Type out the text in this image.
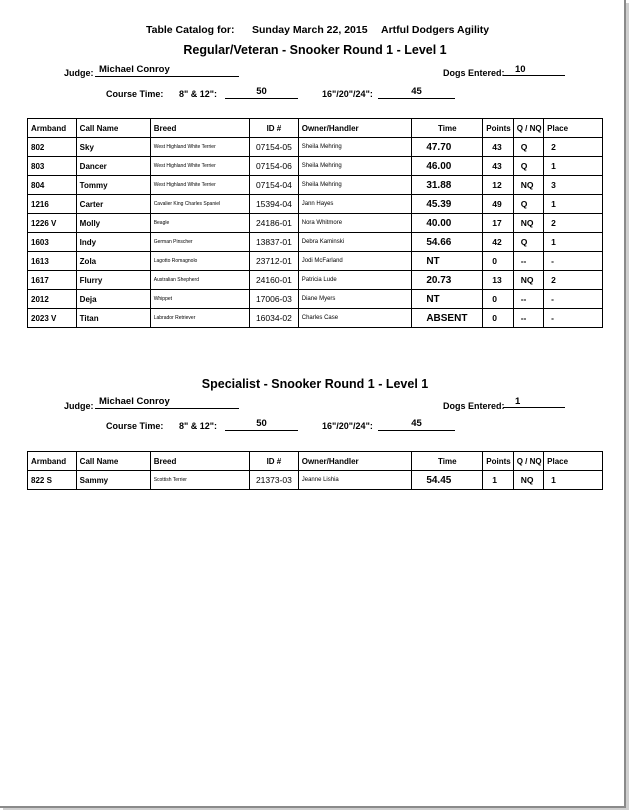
Table Catalog for: Sunday March 22, 2015 Artful Dodgers Agility
Regular/Veteran - Snooker Round 1 - Level 1
Judge: Michael Conroy	Dogs Entered:	10
Course Time: 8" & 12":	50	16"/20"/24":	45
Armband	Call Name	Breed	ID #	Owner/Handler	Time	Points	Q / NQ	Place
802	Sky	West Highland White Terrier	07154-05	Sheila Mehring	47.70	43	Q	2
803	Dancer	West Highland White Terrier	07154-06	Sheila Mehring	46.00	43	Q	1
804	Tommy	West Highland White Terrier	07154-04	Sheila Mehring	31.88	12	NQ	3
1216	Carter	Cavalier King Charles Spaniel	15394-04	Jann Hayes	45.39	49	Q	1
1226 V	Molly	Beagle	24186-01	Nora Whitmore	40.00	17	NQ	2
1603	Indy	German Pinscher	13837-01	Debra Kaminski	54.66	42	Q	1
1613	Zola	Lagotto Romagnolo	23712-01	Jodi McFarland	NT	0	--	-
1617	Flurry	Australian Shepherd	24160-01	Patricia Lude	20.73	13	NQ	2
2012	Deja	Whippet	17006-03	Diane Myers	NT	0	--	-
2023 V	Titan	Labrador Retriever	16034-02	Charles Case	ABSENT	0	--	-
Specialist - Snooker Round 1 - Level 1
Judge: Michael Conroy	Dogs Entered:	1
Course Time: 8" & 12":	50	16"/20"/24":	45
Armband	Call Name	Breed	ID #	Owner/Handler	Time	Points	Q / NQ	Place
822 S	Sammy	Scottish Terrier	21373-03	Jeanne Lishia	54.45	1	NQ	1
